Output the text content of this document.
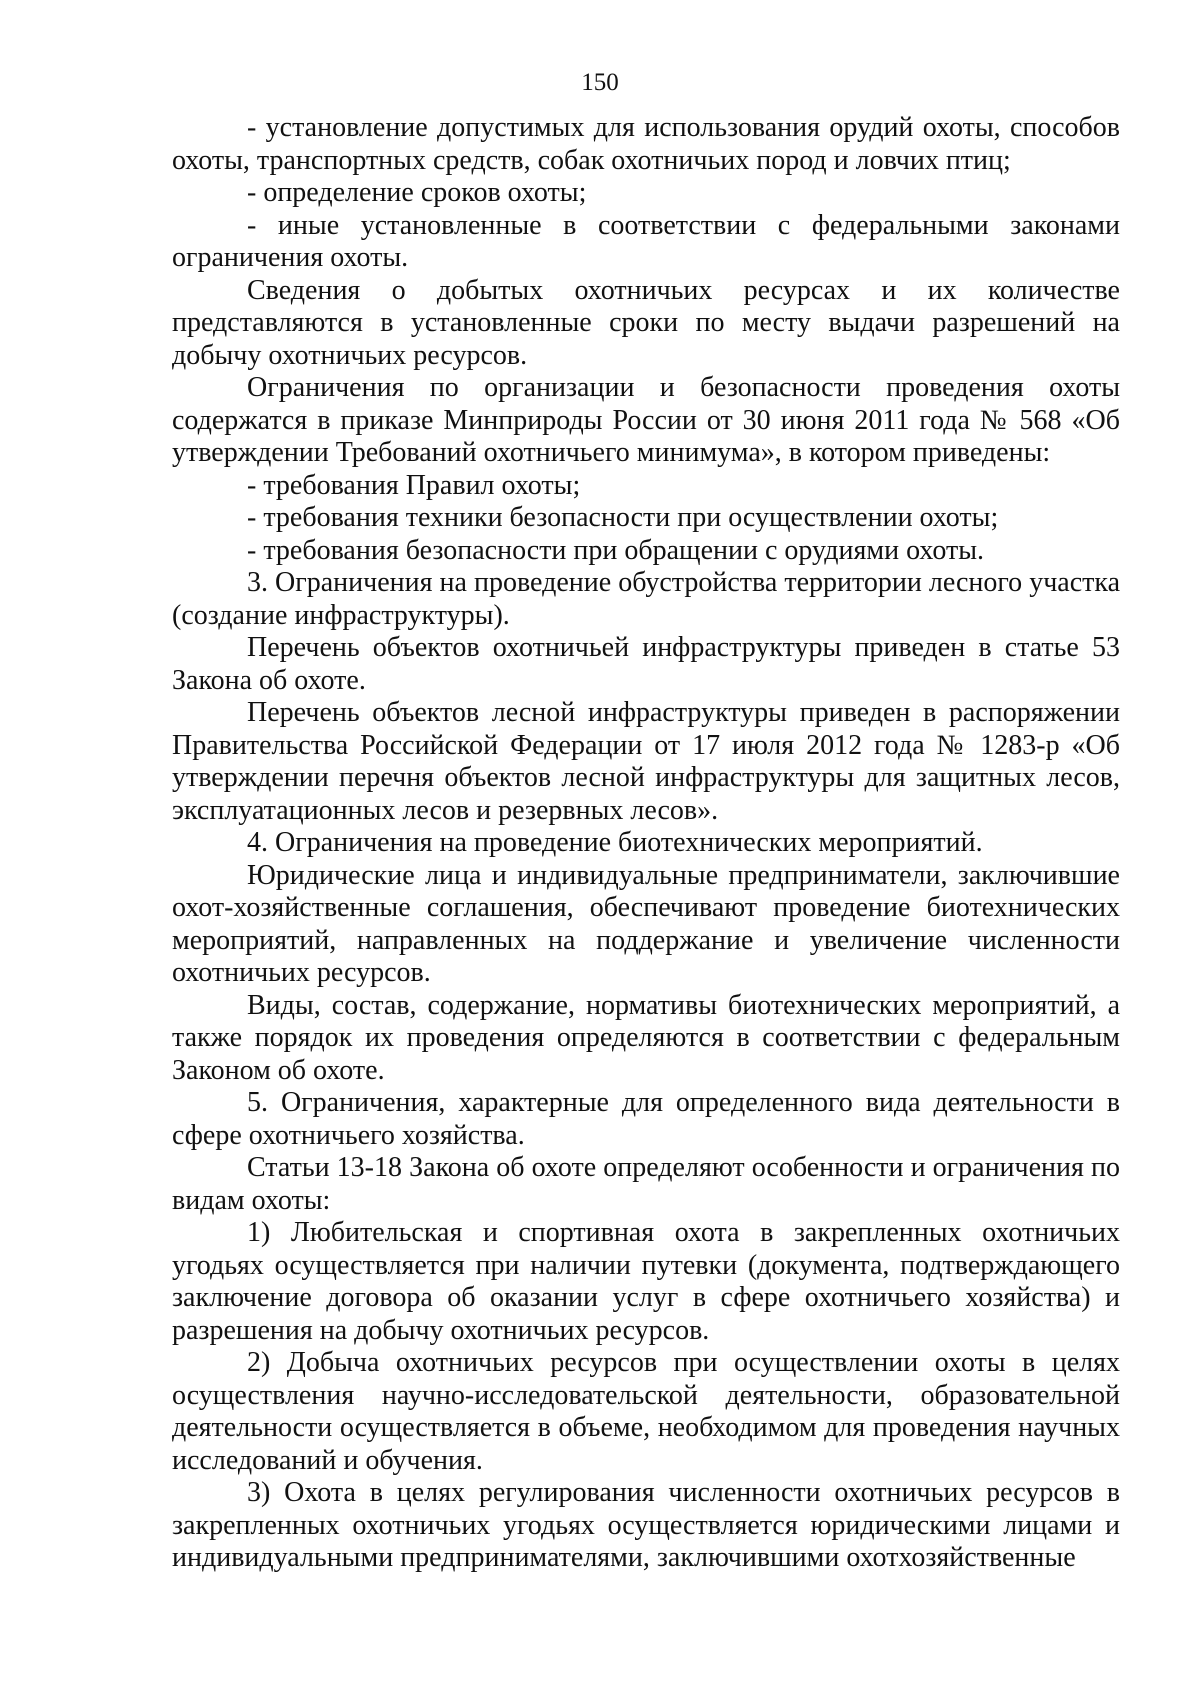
150

- установление допустимых для использования орудий охоты, способов охоты, транспортных средств, собак охотничьих пород и ловчих птиц;

- определение сроков охоты;

- иные установленные в соответствии с федеральными законами ограничения охоты.

Сведения о добытых охотничьих ресурсах и их количестве представляются в установленные сроки по месту выдачи разрешений на добычу охотничьих ресурсов.

Ограничения по организации и безопасности проведения охоты содержатся в приказе Минприроды России от 30 июня 2011 года № 568 «Об утверждении Требований охотничьего минимума», в котором приведены:

- требования Правил охоты;

- требования техники безопасности при осуществлении охоты;

- требования безопасности при обращении с орудиями охоты.

3. Ограничения на проведение обустройства территории лесного участка (создание инфраструктуры).

Перечень объектов охотничьей инфраструктуры приведен в статье 53 Закона об охоте.

Перечень объектов лесной инфраструктуры приведен в распоряжении Правительства Российской Федерации от 17 июля 2012 года № 1283-р «Об утверждении перечня объектов лесной инфраструктуры для защитных лесов, эксплуатационных лесов и резервных лесов».

4. Ограничения на проведение биотехнических мероприятий.

Юридические лица и индивидуальные предприниматели, заключившие охот-хозяйственные соглашения, обеспечивают проведение биотехнических мероприятий, направленных на поддержание и увеличение численности охотничьих ресурсов.

Виды, состав, содержание, нормативы биотехнических мероприятий, а также порядок их проведения определяются в соответствии с федеральным Законом об охоте.

5. Ограничения, характерные для определенного вида деятельности в сфере охотничьего хозяйства.

Статьи 13-18 Закона об охоте определяют особенности и ограничения по видам охоты:

1) Любительская и спортивная охота в закрепленных охотничьих угодьях осуществляется при наличии путевки (документа, подтверждающего заключение договора об оказании услуг в сфере охотничьего хозяйства) и разрешения на добычу охотничьих ресурсов.

2) Добыча охотничьих ресурсов при осуществлении охоты в целях осуществления научно-исследовательской деятельности, образовательной деятельности осуществляется в объеме, необходимом для проведения научных исследований и обучения.

3) Охота в целях регулирования численности охотничьих ресурсов в закрепленных охотничьих угодьях осуществляется юридическими лицами и индивидуальными предпринимателями, заключившими охотхозяйственные
